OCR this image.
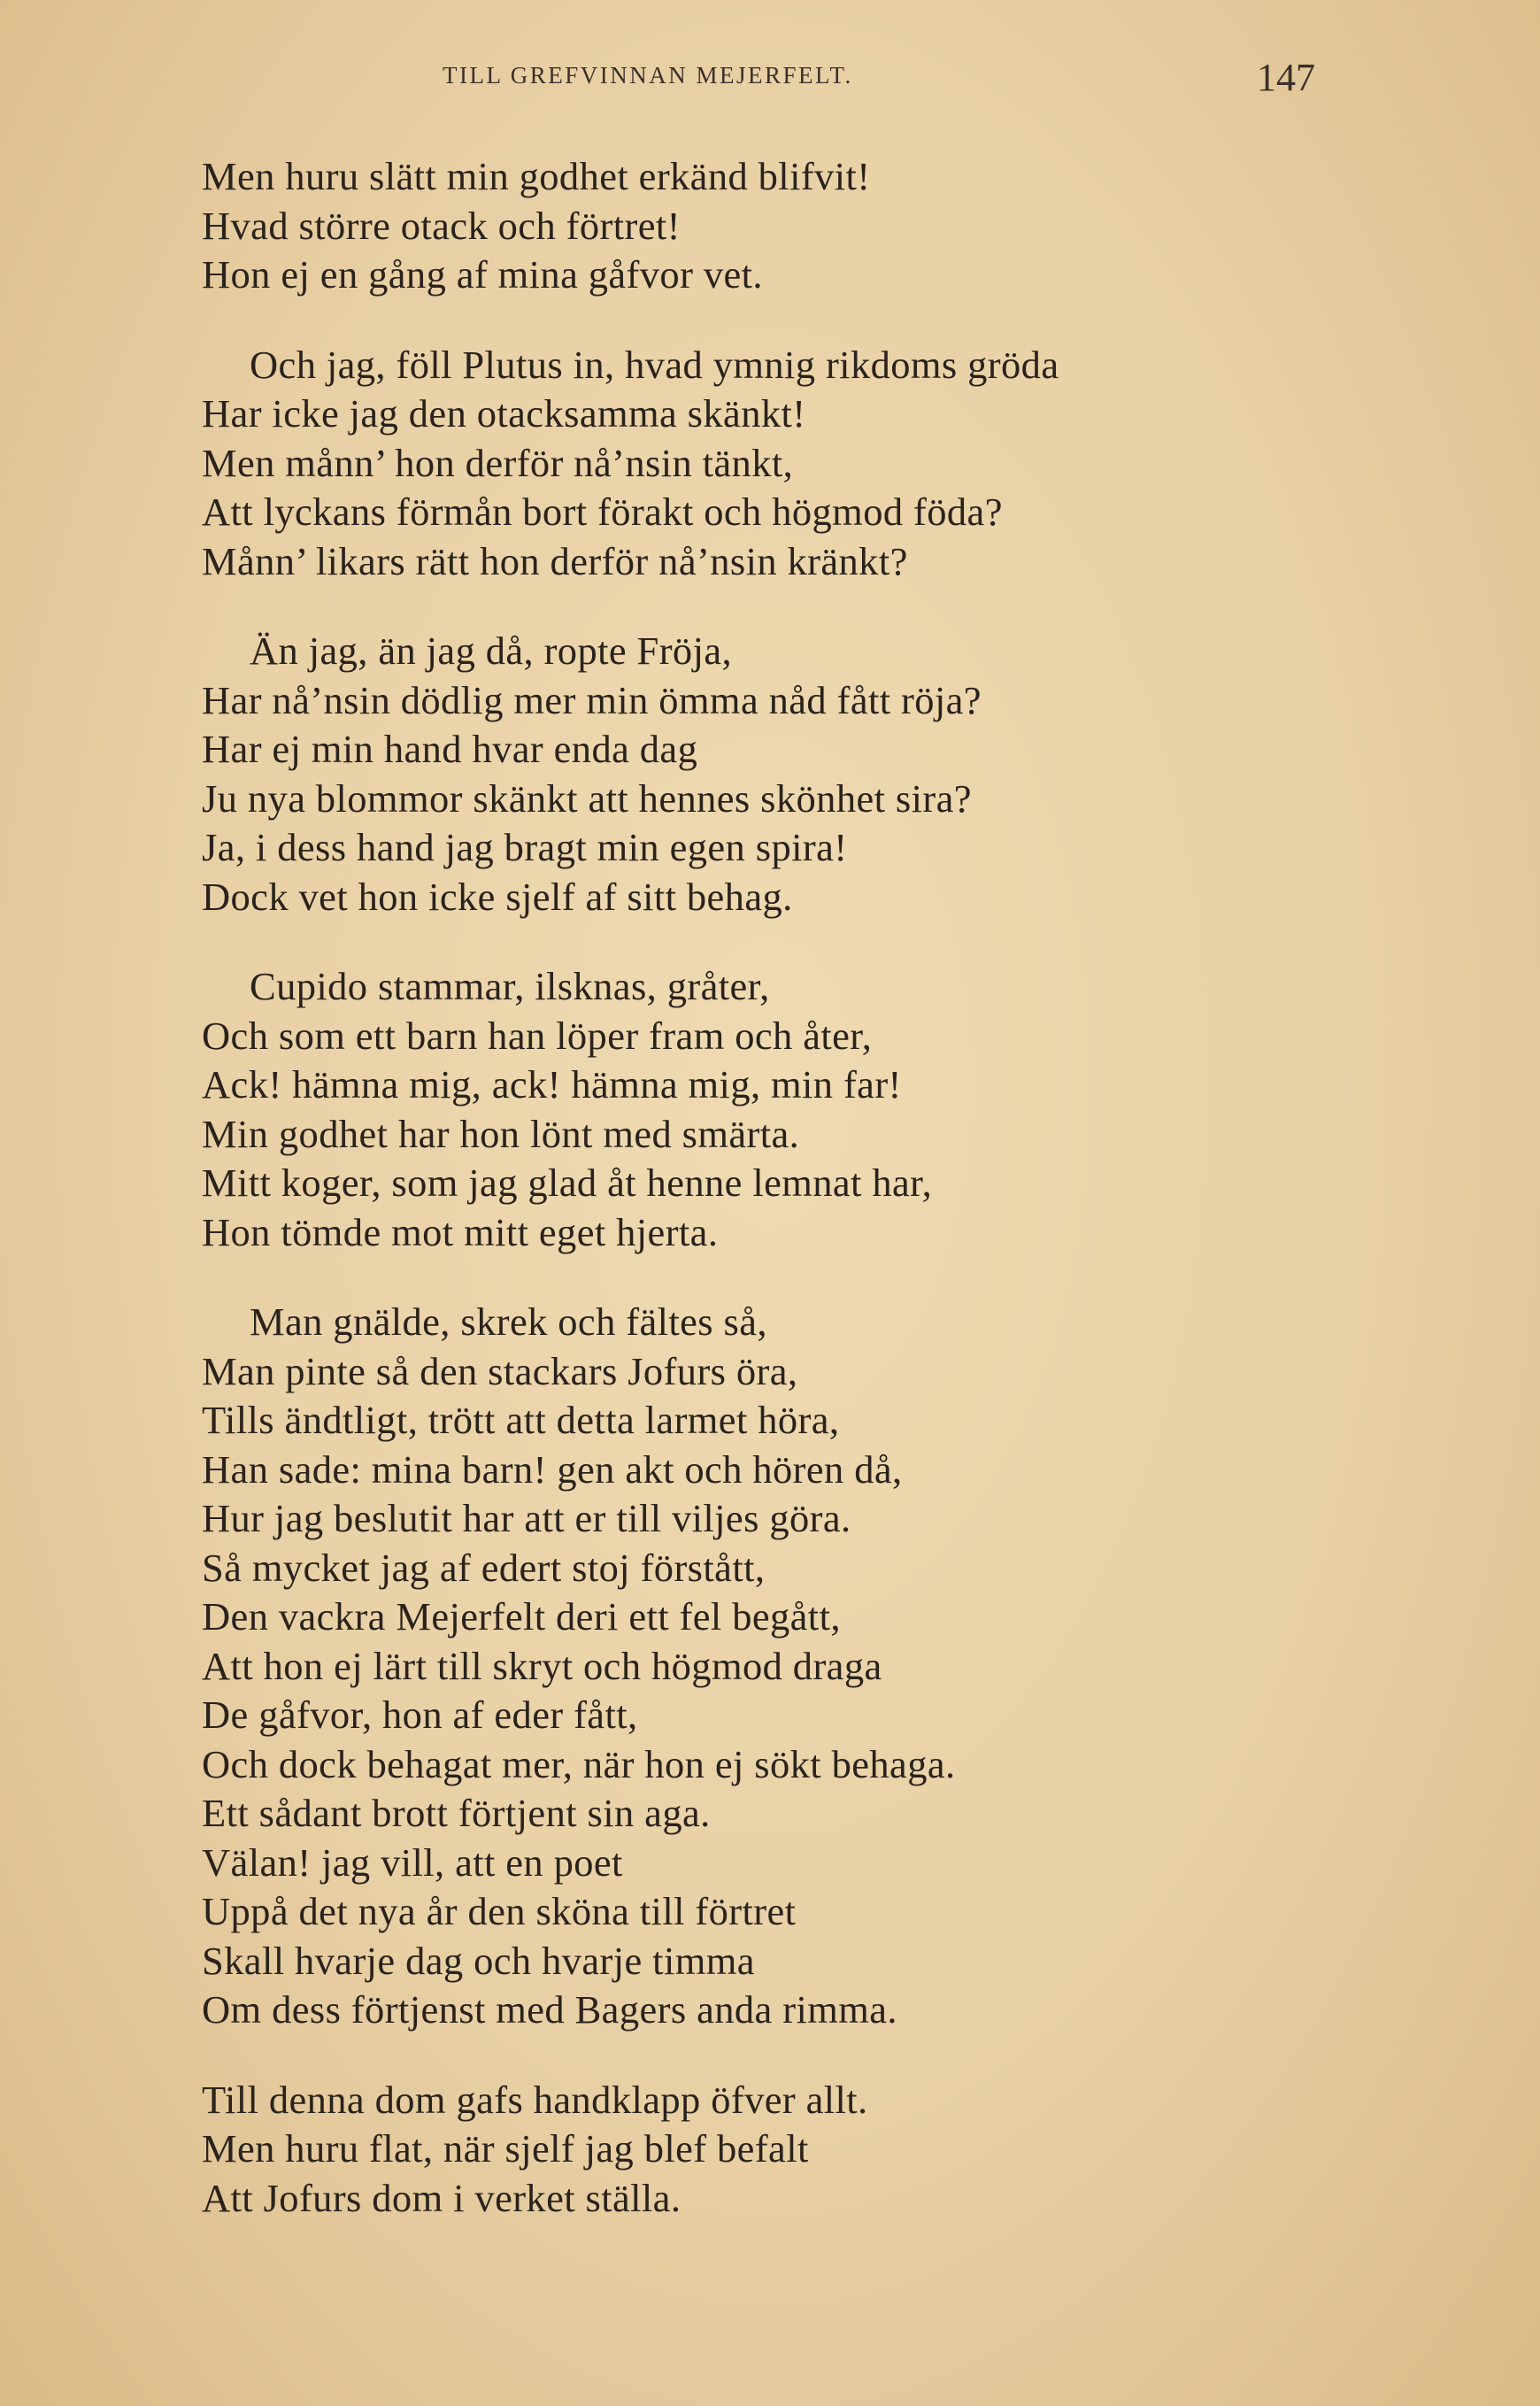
TILL GREFVINNAN MEJERFELT.	147
Men huru slätt min godhet erkänd blifvit!
Hvad större otack och förtret!
Hon ej en gång af mina gåfvor vet.
Och jag, föll Plutus in, hvad ymnig rikdoms gröda
Har icke jag den otacksamma skänkt!
Men månn’ hon derför nå’nsin tänkt,
Att lyckans förmån bort förakt och högmod föda?
Månn’ likars rätt hon derför nå’nsin kränkt?
Än jag, än jag då, ropte Fröja,
Har nå’nsin dödlig mer min ömma nåd fått röja?
Har ej min hand hvar enda dag
Ju nya blommor skänkt att hennes skönhet sira?
Ja, i dess hand jag bragt min egen spira!
Dock vet hon icke sjelf af sitt behag.
Cupido stammar, ilsknas, gråter,
Och som ett barn han löper fram och åter,
Ack! hämna mig, ack! hämna mig, min far!
Min godhet har hon lönt med smärta.
Mitt koger, som jag glad åt henne lemnat har,
Hon tömde mot mitt eget hjerta.
Man gnälde, skrek och fältes så,
Man pinte så den stackars Jofurs öra,
Tills ändtligt, trött att detta larmet höra,
Han sade: mina barn! gen akt och hören då,
Hur jag beslutit har att er till viljes göra.
Så mycket jag af edert stoj förstått,
Den vackra Mejerfelt deri ett fel begått,
Att hon ej lärt till skryt och högmod draga
De gåfvor, hon af eder fått,
Och dock behagat mer, när hon ej sökt behaga.
Ett sådant brott förtjent sin aga.
Välan! jag vill, att en poet
Uppå det nya år den sköna till förtret
Skall hvarje dag och hvarje timma
Om dess förtjenst med Bagers anda rimma.
Till denna dom gafs handklapp öfver allt.
Men huru flat, när sjelf jag blef befalt
Att Jofurs dom i verket ställa.
